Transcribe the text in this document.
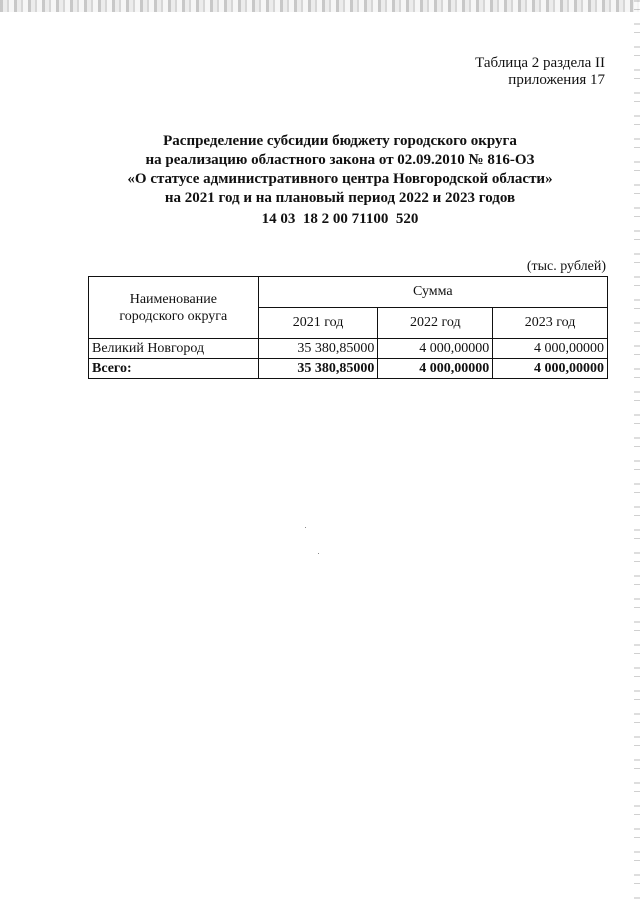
Таблица 2 раздела II
приложения 17
Распределение субсидии бюджету городского округа
на реализацию областного закона от 02.09.2010 № 816-ОЗ
«О статусе административного центра Новгородской области»
на 2021 год и на плановый период 2022 и 2023 годов
14 03  18 2 00 71100  520
(тыс. рублей)
Наименование
городского округа	Сумма		
	2021 год	2022 год	2023 год
Великий Новгород	35 380,85000	4 000,00000	4 000,00000
Всего:	35 380,85000	4 000,00000	4 000,00000
